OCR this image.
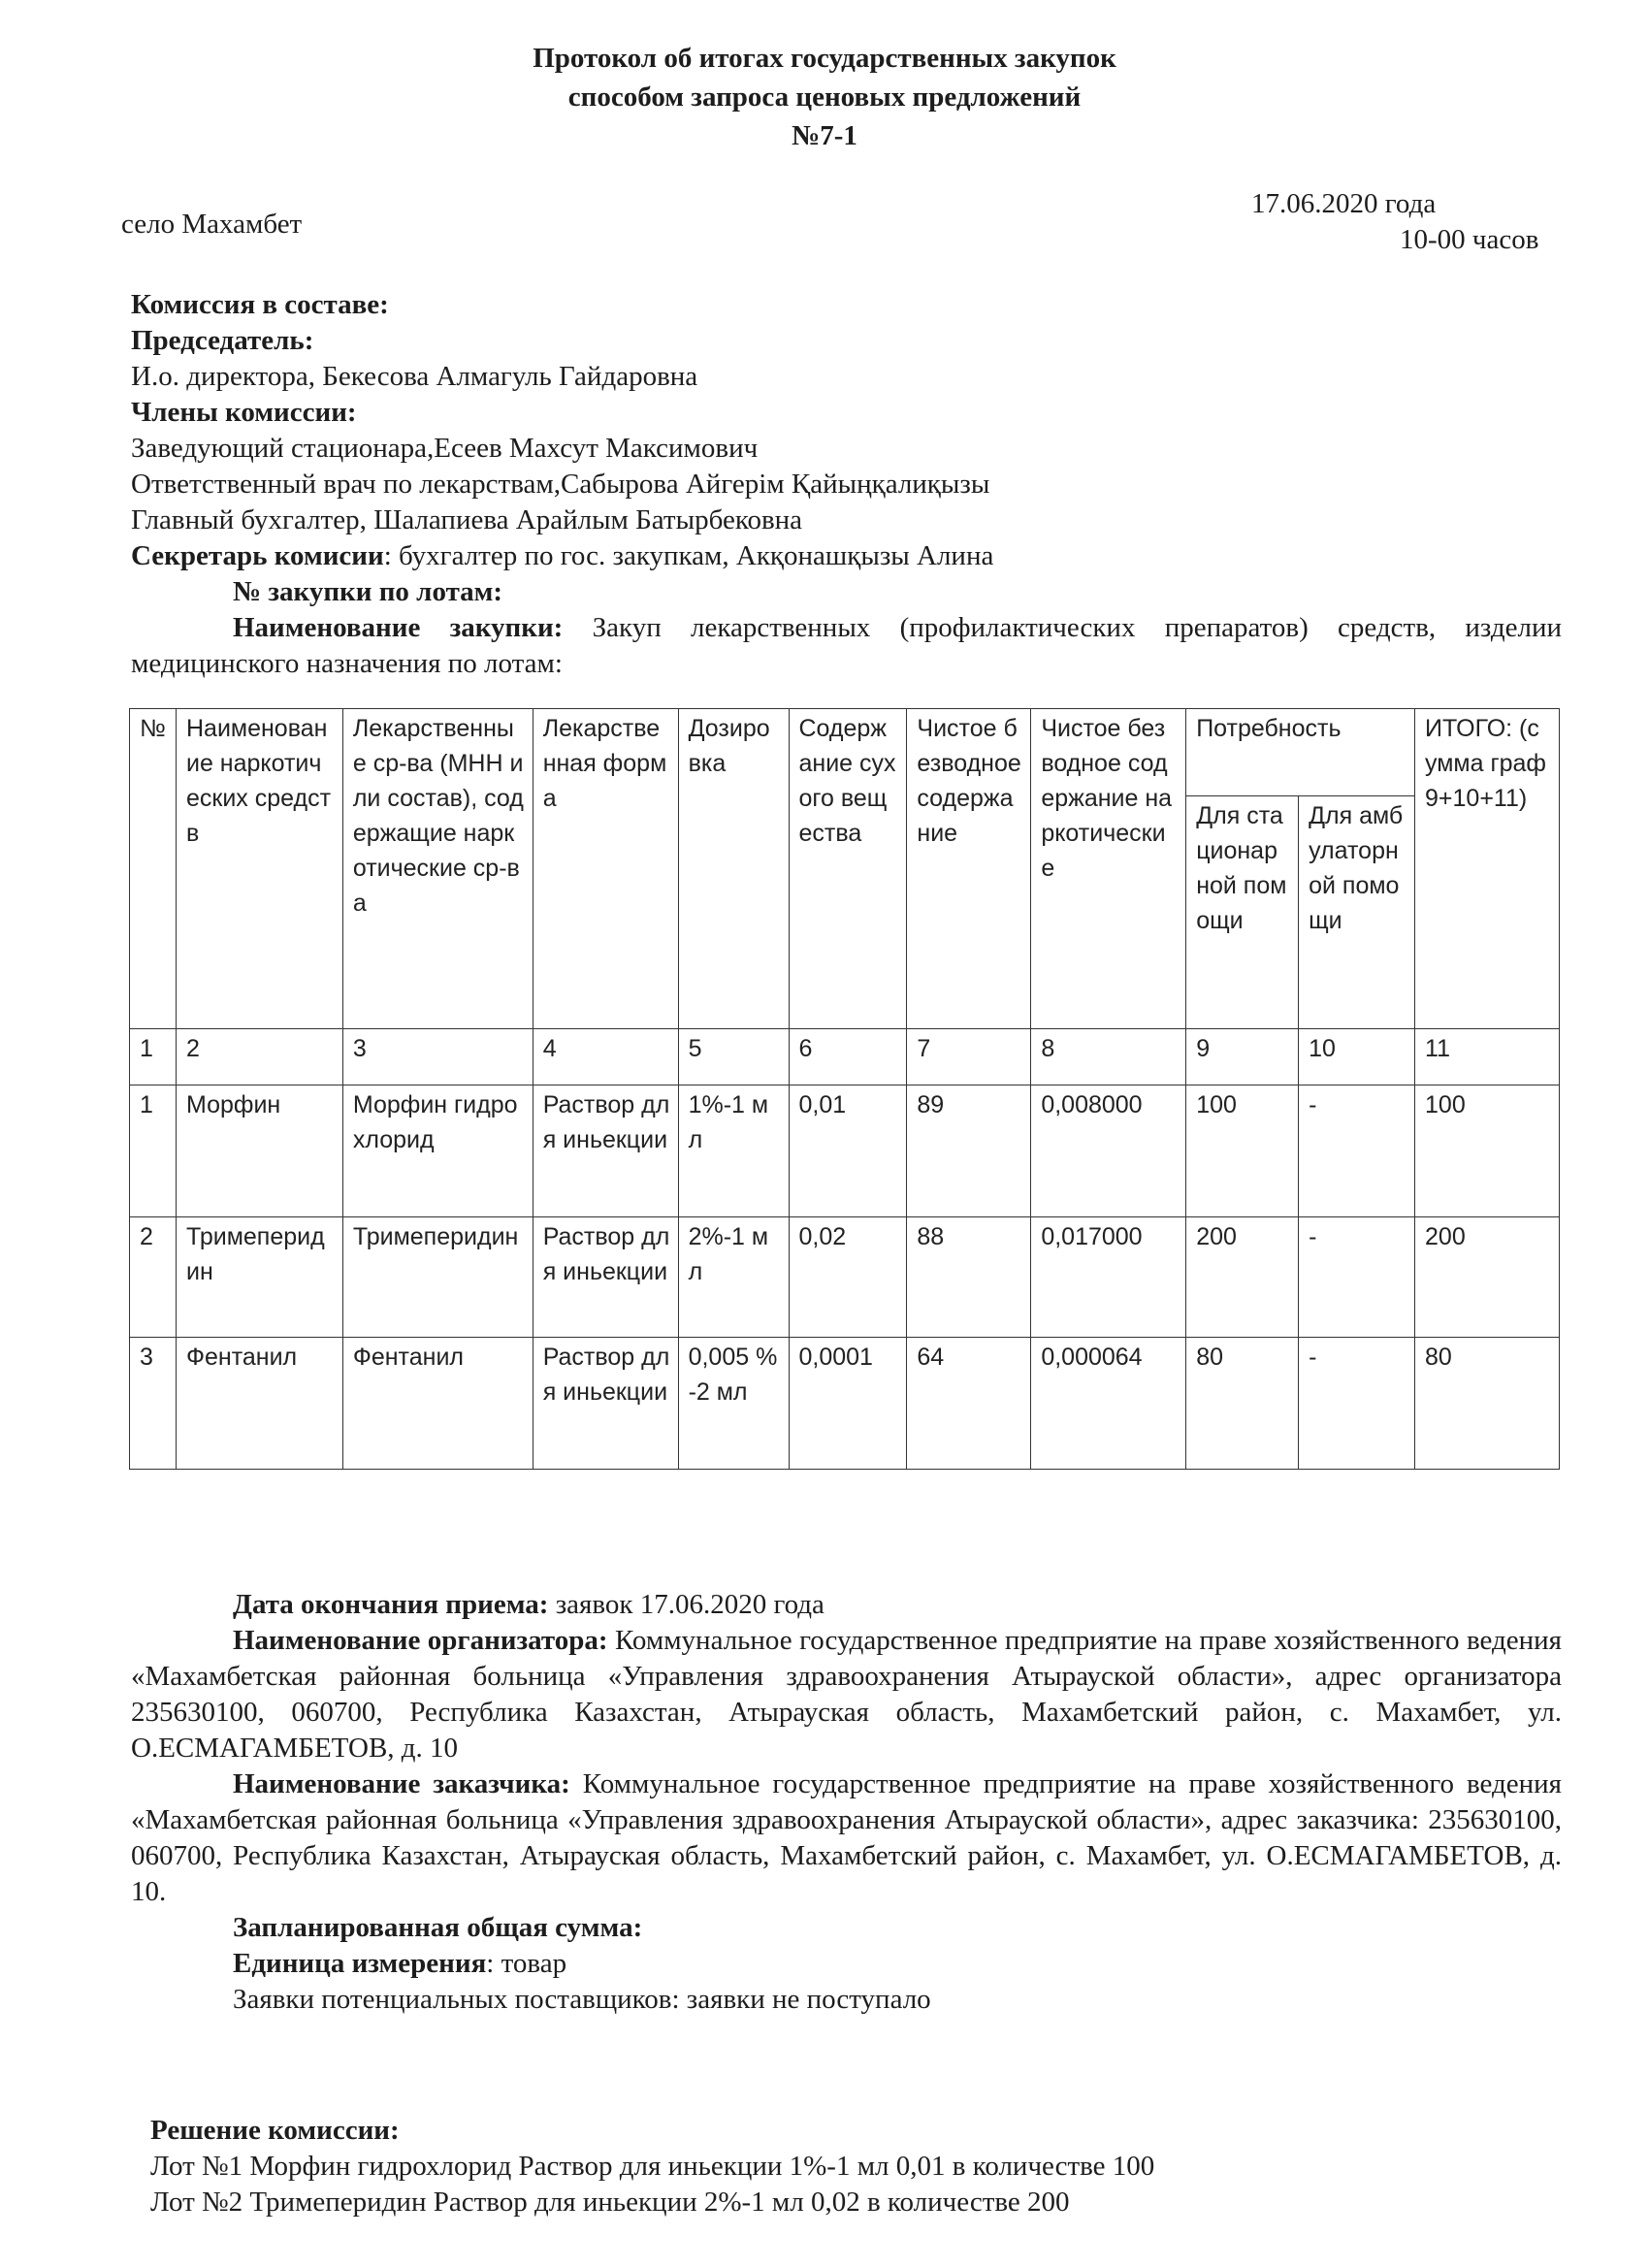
Протокол об итогах государственных закупок
способом запроса ценовых предложений
№7-1
село Махамбет
17.06.2020 года
10-00 часов
Комиссия в составе:
Председатель:
И.о. директора, Бекесова Алмагуль Гайдаровна
Члены комиссии:
Заведующий стационара,Есеев Махсут Максимович
Ответственный врач по лекарствам,Сабырова Айгерім Қайыңқалиқызы
Главный бухгалтер, Шалапиева Арайлым Батырбековна
Секретарь комисии: бухгалтер по гос. закупкам, Акқонашқызы Алина
№ закупки по лотам:
Наименование закупки: Закуп лекарственных (профилактических препаратов) средств, изделии медицинского назначения по лотам:
№	Наименование наркотических средств	Лекарственные ср-ва (МНН или состав), содержащие наркотические ср-ва	Лекарственная форма	Дозировка	Содержание сухого вещества	Чистое безводное содержание	Чистое безводное содержание наркотические	Потребность		ИТОГО: (сумма граф 9+10+11)
								Для стационарной помощи	Для амбулаторной помощи	
1	2	3	4	5	6	7	8	9	10	11
1	Морфин	Морфин гидрохлорид	Раствор для иньекции	1%-1 мл	0,01	89	0,008000	100	-	100
2	Тримеперидин	Тримеперидин	Раствор для иньекции	2%-1 мл	0,02	88	0,017000	200	-	200
3	Фентанил	Фентанил	Раствор для иньекции	0,005 %-2 мл	0,0001	64	0,000064	80	-	80
Дата окончания приема: заявок 17.06.2020 года
Наименование организатора: Коммунальное государственное предприятие на праве хозяйственного ведения «Махамбетская районная больница «Управления здравоохранения Атырауской области», адрес организатора 235630100, 060700, Республика Казахстан, Атырауская область, Махамбетский район, с. Махамбет, ул. О.ЕСМАГАМБЕТОВ, д. 10
Наименование заказчика: Коммунальное государственное предприятие на праве хозяйственного ведения «Махамбетская районная больница «Управления здравоохранения Атырауской области», адрес заказчика: 235630100, 060700, Республика Казахстан, Атырауская область, Махамбетский район, с. Махамбет, ул. О.ЕСМАГАМБЕТОВ, д. 10.
Запланированная общая сумма:
Единица измерения: товар
Заявки потенциальных поставщиков: заявки не поступало
Решение комиссии:
Лот №1 Морфин гидрохлорид Раствор для иньекции 1%-1 мл 0,01 в количестве 100
Лот №2 Тримеперидин Раствор для иньекции 2%-1 мл 0,02 в количестве 200
